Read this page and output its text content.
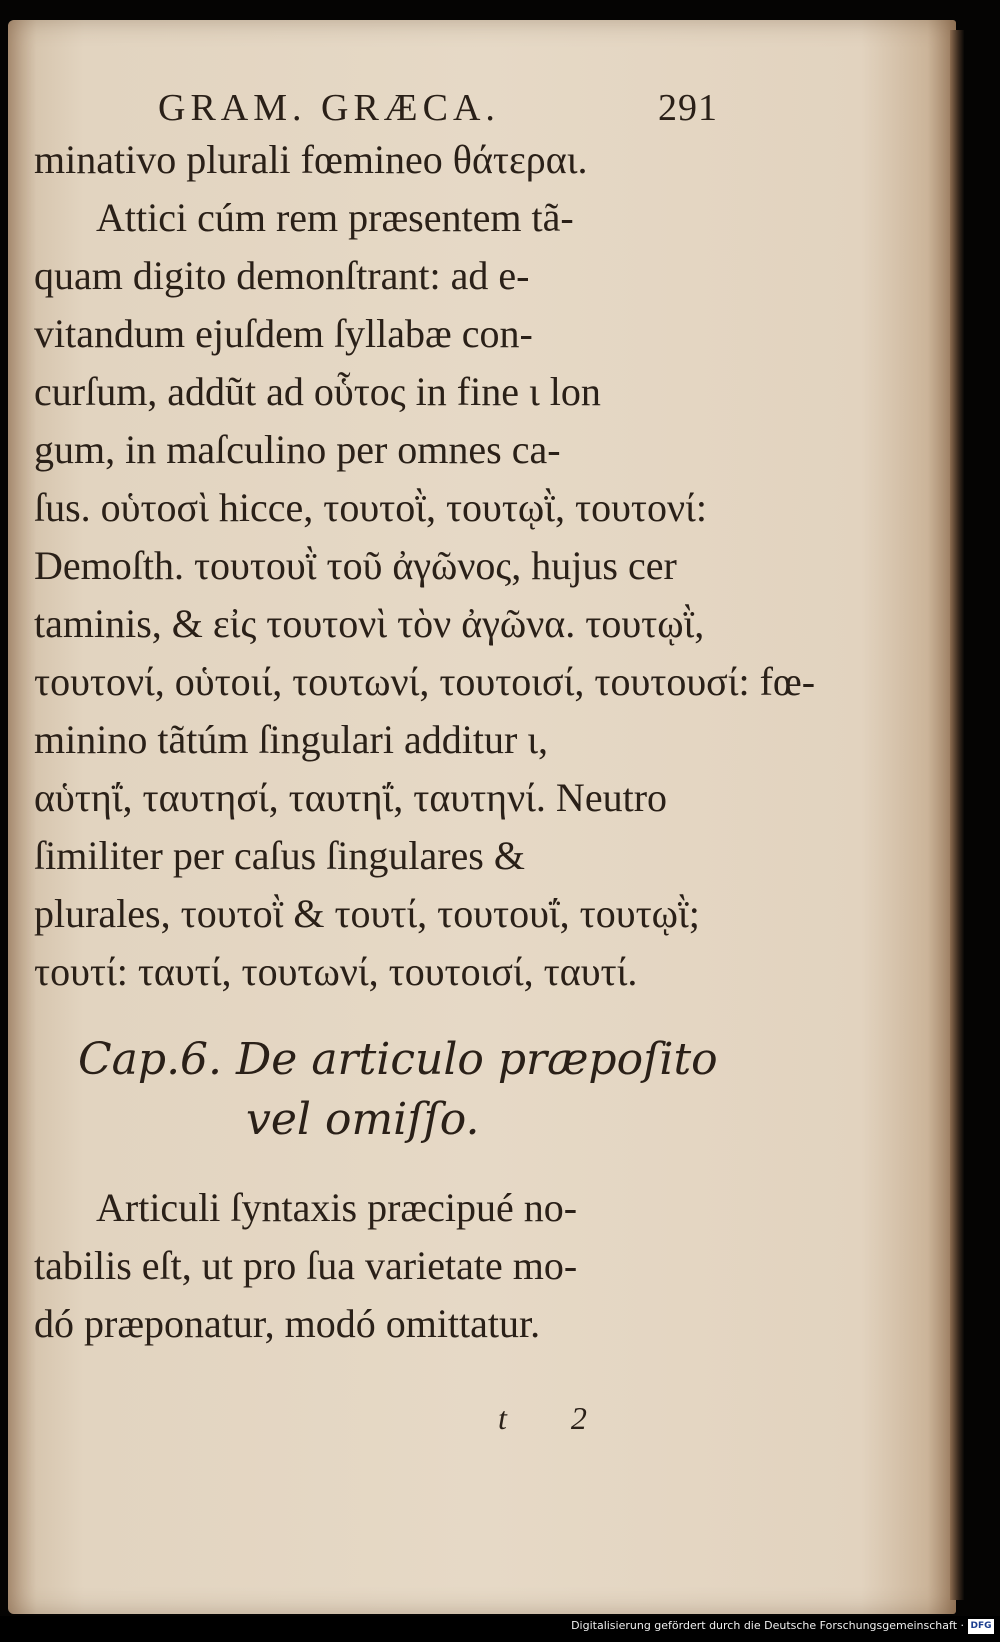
GRAM. GRÆCA.	291
minativo plurali fœmineo θάτεραι.
Attici cúm rem præsentem tã-
quam digito demonſtrant: ad e-
vitandum ejuſdem ſyllabæ con-
curſum, addũt ad οὗτος in fine ι lon
gum, in maſculino per omnes ca-
ſus. οὑτοσὶ hicce, τουτοῒ, τουτῳῒ, τουτονί:
Demoſth. τουτουῒ τοῦ ἀγῶνος, hujus cer
taminis, & εἰς τουτονὶ τὸν ἀγῶνα. τουτῳῒ,
τουτονί, οὑτοιί, τουτωνί, τουτοισί, τουτουσί: fœ-
minino tãtúm ſingulari additur ι,
αὑτηΐ, ταυτησί, ταυτηΐ, ταυτηνί. Neutro
ſimiliter per caſus ſingulares &
plurales, τουτοῒ & τουτί, τουτουΐ, τουτῳῒ;
τουτί: ταυτί, τουτωνί, τουτοισί, ταυτί.
Cap.6. De articulo præpoſito
vel omiſſo.
Articuli ſyntaxis præcipué no-
tabilis eſt, ut pro ſua varietate mo-
dó præponatur, modó omittatur.
t 2
Digitalisierung gefördert durch die Deutsche Forschungsgemeinschaft · DFG
